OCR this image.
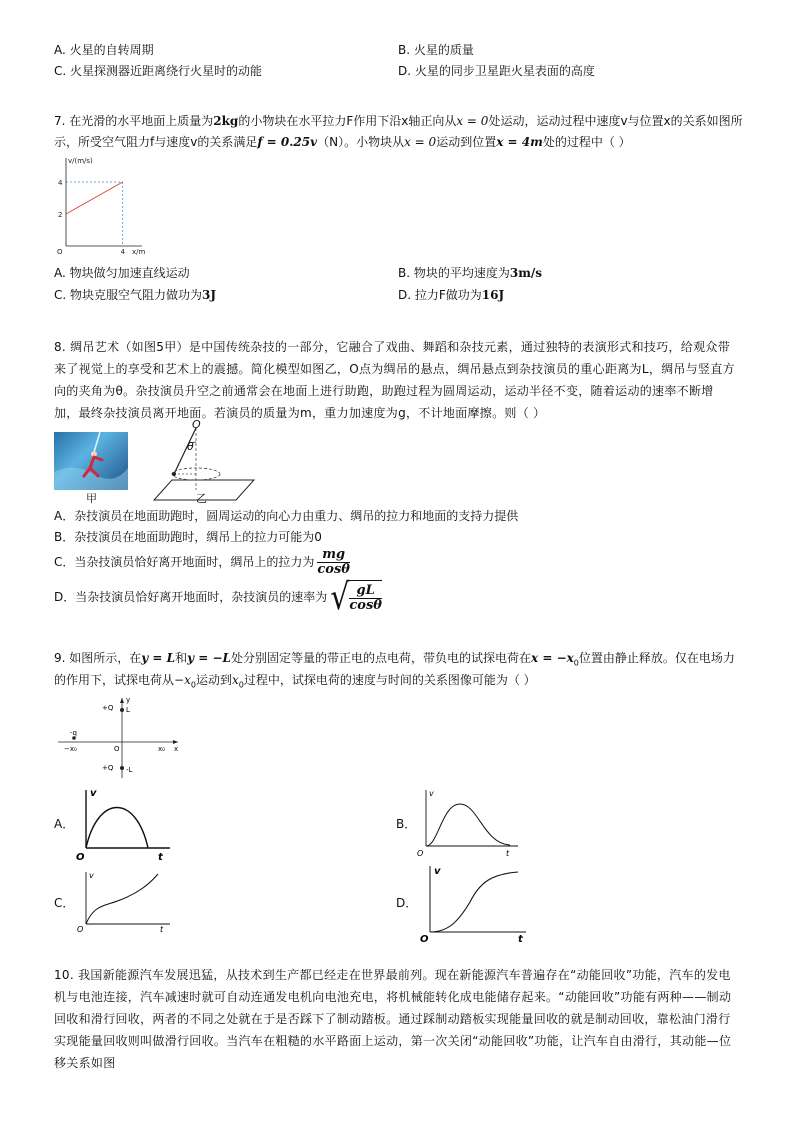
A. 火星的自转周期	B. 火星的质量
C. 火星探测器近距离绕行火星时的动能	D. 火星的同步卫星距火星表面的高度
7. 在光滑的水平地面上质量为2kg的小物块在水平拉力F作用下沿x轴正向从x = 0处运动，运动过程中速度v与位置x的关系如图所
示，所受空气阻力f与速度v的关系满足f = 0.25v（N）。小物块从x = 0运动到位置x = 4m处的过程中（ ）
v/(m/s)
x/m
O
4
2
4
A. 物块做匀加速直线运动	B. 物块的平均速度为3m/s
C. 物块克服空气阻力做功为3J	D. 拉力F做功为16J
8. 绸吊艺术（如图5甲）是中国传统杂技的一部分，它融合了戏曲、舞蹈和杂技元素，通过独特的表演形式和技巧，给观众带来了视觉上的享受和艺术上的震撼。简化模型如图乙，O点为绸吊的悬点，绸吊悬点到杂技演员的重心距离为L，绸吊与竖直方向的夹角为θ。杂技演员升空之前通常会在地面上进行助跑，助跑过程为圆周运动，运动半径不变，随着运动的速率不断增加，最终杂技演员离开地面。若演员的质量为m，重力加速度为g，不计地面摩擦。则（ ）
甲
O
θ
乙
A．杂技演员在地面助跑时，圆周运动的向心力由重力、绸吊的拉力和地面的支持力提供
B．杂技演员在地面助跑时，绸吊上的拉力可能为0
C．当杂技演员恰好离开地面时，绸吊上的拉力为 $\frac{mg}{\cos\theta}$
D．当杂技演员恰好离开地面时，杂技演员的速率为 √ $\frac{gL}{\cos\theta}$
9. 如图所示，在y = L和y = −L处分别固定等量的带正电的点电荷，带负电的试探电荷在$x = -x_0$位置由静止释放。仅在电场力
的作用下，试探电荷从$-x_0$运动到$x_0$过程中，试探电荷的速度与时间的关系图像可能为（ ）
+Q L
+Q -L
-q
−x₀	O	x₀ x
y
A．
v
t
O
B．
v
t
O
C．
v
t
O
D．
v
t
O
10. 我国新能源汽车发展迅猛，从技术到生产都已经走在世界最前列。现在新能源汽车普遍存在“动能回收”功能，汽车的发电机与电池连接，汽车减速时就可自动连通发电机向电池充电，将机械能转化成电能储存起来。“动能回收”功能有两种——制动回收和滑行回收，两者的不同之处就在于是否踩下了制动踏板。通过踩制动踏板实现能量回收的就是制动回收，靠松油门滑行实现能量回收则叫做滑行回收。当汽车在粗糙的水平路面上运动，第一次关闭“动能回收”功能，让汽车自由滑行，其动能—位移关系如图
